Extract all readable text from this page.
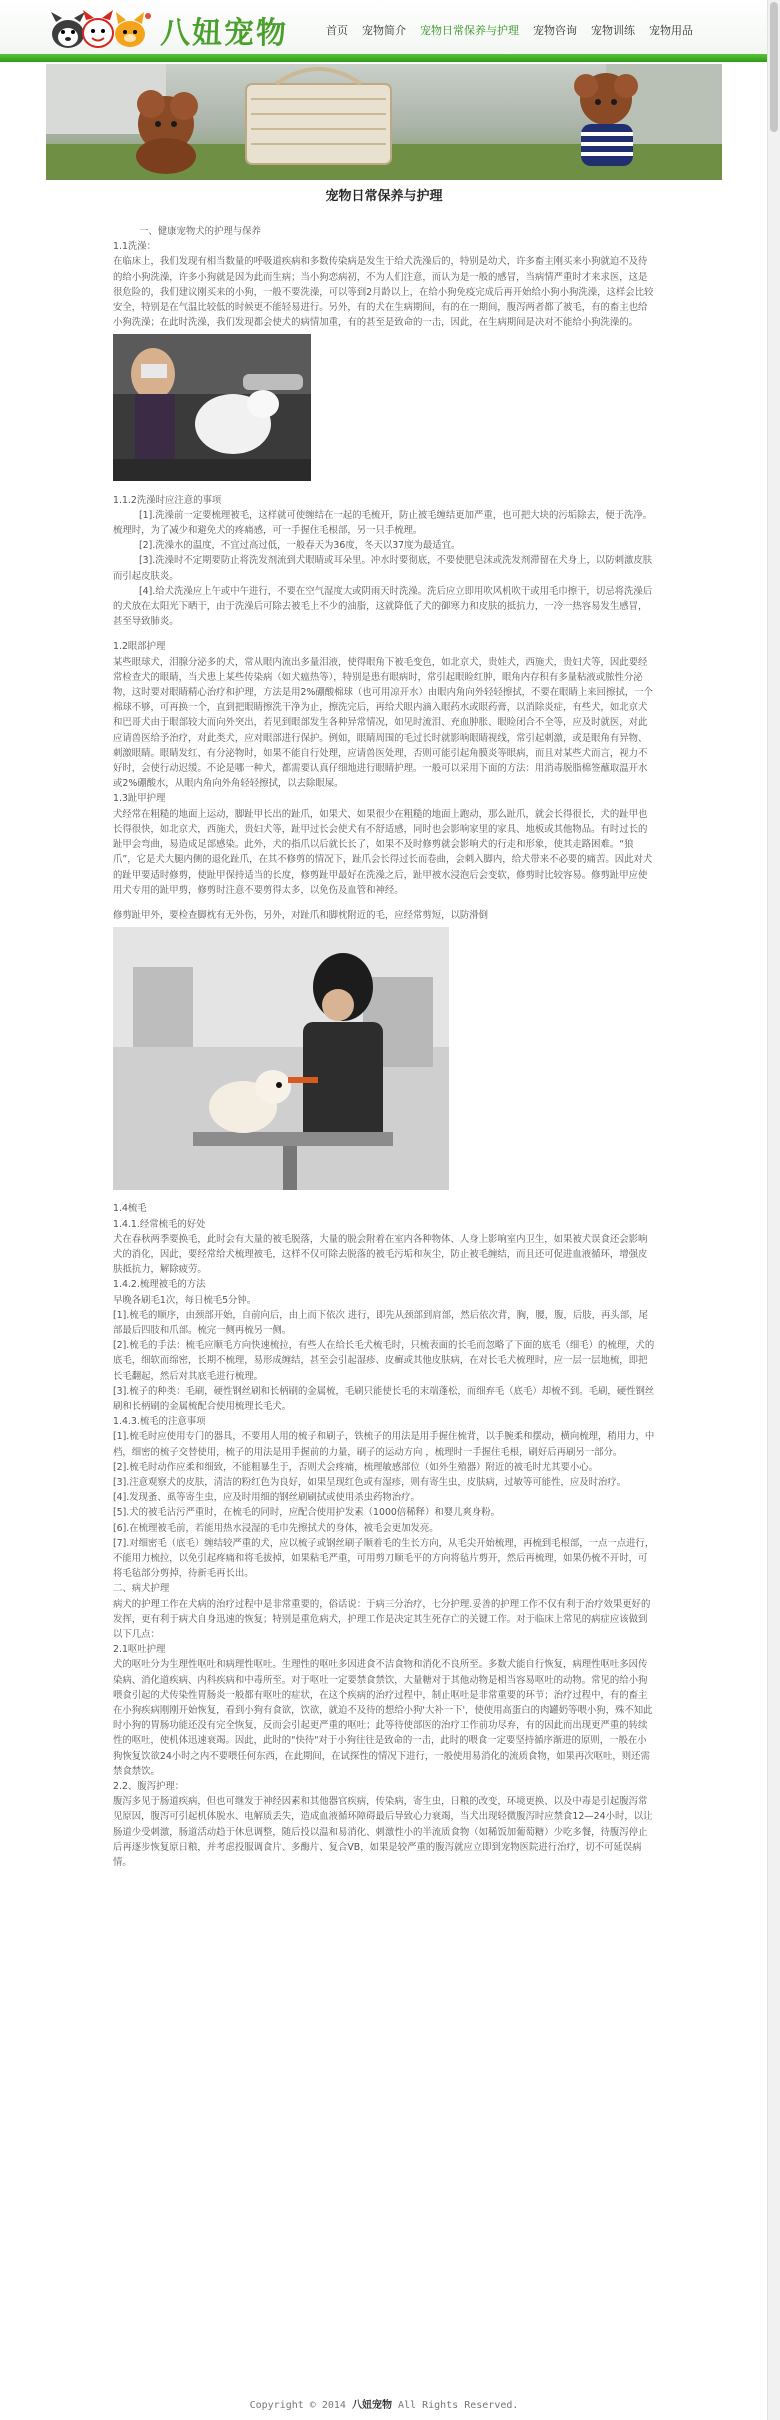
八妞宠物	首页 宠物简介 宠物日常保养与护理 宠物咨询 宠物训练 宠物用品
宠物日常保养与护理

一、健康宠物犬的护理与保养

1.1洗澡：

在临床上，我们发现有相当数量的呼吸道疾病和多数传染病是发生于给犬洗澡后的，特别是幼犬，许多畜主刚买来小狗就迫不及待的给小狗洗澡，许多小狗就是因为此而生病；当小狗恋病初，不为人们注意，而认为是一般的感冒，当病情严重时才来求医，这是很危险的，我们建议刚买来的小狗，一般不要洗澡，可以等到2月龄以上，在给小狗免疫完成后再开始给小狗小狗洗澡，这样会比较安全，特别是在气温比较低的时候更不能轻易进行。另外，有的犬在生病期间，有的在一期间，腹泻两者都了被毛，有的畜主也给小狗洗澡；在此时洗澡，我们发现都会使犬的病情加重，有的甚至是致命的一击，因此，在生病期间是决对不能给小狗洗澡的。

1.1.2洗澡时应注意的事项

[1].洗澡前一定要梳理被毛，这样就可使缠结在一起的毛梳开，防止被毛缠结更加严重，也可把大块的污垢除去，便于洗净。梳理时，为了减少和避免犬的疼痛感，可一手握住毛根部，另一只手梳理。

[2].洗澡水的温度，不宜过高过低，一般春天为36度，冬天以37度为最适宜。

[3].洗澡时不定期要防止将洗发剂流到犬眼睛或耳朵里。冲水时要彻底，不要使肥皂沫或洗发剂滞留在犬身上，以防刺激皮肤而引起皮肤炎。

[4].给犬洗澡应上午或中午进行，不要在空气湿度大或阴雨天时洗澡。洗后应立即用吹风机吹干或用毛巾擦干，切忌将洗澡后的犬放在太阳光下晒干，由于洗澡后可除去被毛上不少的油脂，这就降低了犬的御寒力和皮肤的抵抗力，一冷一热容易发生感冒，甚至导致肺炎。

1.2眼部护理

某些眼球犬，泪腺分泌多的犬，常从眼内流出多量泪液，使得眼角下被毛变色，如北京犬，贵娃犬，西施犬，贵妇犬等，因此要经常检查犬的眼睛，当犬患上某些传染病（如犬瘟热等），特别是患有眼病时，常引起眼睑红肿，眼角内存积有多量粘液或脓性分泌物，这时要对眼睛精心治疗和护理，方法是用2%硼酸棉球（也可用凉开水）由眼内角向外轻轻擦拭，不要在眼睛上来回擦拭，一个棉球不够，可再换一个，直到把眼睛擦洗干净为止，擦洗完后，再给犬眼内滴入眼药水或眼药膏，以消除炎症，有些犬，如北京犬和巴哥犬由于眼部较大而向外突出，若见到眼部发生各种异常情况，如见时流泪、充血肿胀、眼睑闭合不全等，应及时就医，对此应请兽医给予治疗，对此类犬，应对眼部进行保护。例如，眼睛周围的毛过长时就影响眼睛视线，常引起刺激，或是眼角有异物、刺激眼睛。眼睛发红、有分泌物时，如果不能自行处理，应请兽医处理，否则可能引起角膜炎等眼病，而且对某些犬而言，视力不好时，会使行动迟缓。不论是哪一种犬，都需要认真仔细地进行眼睛护理。一般可以采用下面的方法：用消毒脱脂棉签蘸取温开水或2%硼酸水，从眼内角向外角轻轻擦拭，以去除眼屎。

1.3趾甲护理

犬经常在粗糙的地面上运动，脚趾甲长出的趾爪，如果犬、如果很少在粗糙的地面上跑动，那么趾爪，就会长得很长，犬的趾甲也长得很快，如北京犬，西施犬，贵妇犬等，趾甲过长会使犬有不舒适感，同时也会影响家里的家具、地板或其他物品。有时过长的趾甲会弯曲，易造成足部感染。此外，犬的指爪以后就长长了，如果不及时修剪就会影响犬的行走和形象，使其走路困难。“狼爪”，它是犬大腿内侧的退化趾爪，在其不修剪的情况下，趾爪会长得过长而卷曲，会刺入脚内，给犬带来不必要的痛苦。因此对犬的趾甲要适时修剪，使趾甲保持适当的长度，修剪趾甲最好在洗澡之后，趾甲被水浸泡后会变软，修剪时比较容易。修剪趾甲应使用犬专用的趾甲剪，修剪时注意不要剪得太多，以免伤及血管和神经。

修剪趾甲外，要检查脚枕有无外伤，另外，对趾爪和脚枕附近的毛，应经常剪短，以防滑倒

1.4梳毛

1.4.1.经常梳毛的好处

犬在春秋两季要换毛，此时会有大量的被毛脱落，大量的脱会附着在室内各种物体、人身上影响室内卫生，如果被犬误食还会影响犬的消化，因此，要经常给犬梳理被毛，这样不仅可除去脱落的被毛污垢和灰尘，防止被毛缠结，而且还可促进血液循环，增强皮肤抵抗力，解除疲劳。

1.4.2.梳理被毛的方法

早晚各刷毛1次，每日梳毛5分钟。

[1].梳毛的顺序，由颈部开始，自前向后，由上而下依次 进行，即先从颈部到肩部，然后依次背，胸，腰，腹，后肢，再头部，尾部最后四肢和爪部。梳完一侧再梳另一侧。

[2].梳毛的手法：梳毛应顺毛方向快速梳拉，有些人在给长毛犬梳毛时，只梳表面的长毛而忽略了下面的底毛（细毛）的梳理，犬的底毛，细软而绵密，长期不梳理，易形成缠结，甚至会引起湿疹、皮癣或其他皮肤病，在对长毛犬梳理时，应一层一层地梳，即把长毛翻起，然后对其底毛进行梳理。

[3].梳子的种类：毛刷，硬性钢丝刷和长柄刷的金属梳，毛刷只能使长毛的末端蓬松，而细弃毛（底毛）却梳不到。毛刷，硬性钢丝刷和长柄刷的金属梳配合使用梳理长毛犬。

1.4.3.梳毛的注意事项

[1].梳毛时应使用专门的器具，不要用人用的梳子和刷子，铁梳子的用法是用手握住梳背，以手腕柔和摆动，横向梳理，稍用力，中档，细密的梳子交替使用，梳子的用法是用手握前的力量，刷子的运动方向 ，梳理时一手握住毛根，刷好后再刷另一部分。

[2].梳毛时动作应柔和细致，不能粗暴生于，否则犬会疼痛，梳理敏感部位（如外生殖器）附近的被毛时尤其要小心。

[3].注意观察犬的皮肤，清洁的粉红色为良好，如果呈现红色或有湿疹，则有寄生虫，皮肤病，过敏等可能性，应及时治疗。

[4].发现蚤、虱等寄生虫，应及时用细的钢丝刷刷拭或使用杀虫药物治疗。

[5].犬的被毛沾污严重时，在梳毛的同时，应配合使用护发素（1000倍稀释）和婴儿爽身粉。

[6].在梳理被毛前，若能用热水浸湿的毛巾先擦拭犬的身体，被毛会更加发亮。

[7].对细密毛（底毛）缠结较严重的犬，应以梳子或钢丝刷子顺着毛的生长方向，从毛尖开始梳理，再梳到毛根部，一点一点进行，不能用力梳拉，以免引起疼痛和将毛拔掉，如果粘毛严重，可用剪刀顺毛平的方向将毡片剪开，然后再梳理，如果仍梳不开时，可将毛毡部分剪掉，待新毛再长出。

二、病犬护理

病犬的护理工作在犬病的治疗过程中是非常重要的，俗话说：于病三分治疗，七分护理.妥善的护理工作不仅有利于治疗效果更好的发挥，更有利于病犬自身迅速的恢复；特别是重危病犬，护理工作是决定其生死存亡的关键工作。对于临床上常见的病症应该做到以下几点：

2.1呕吐护理

犬的呕吐分为生理性呕吐和病理性呕吐。生理性的呕吐多因进食不洁食物和消化不良所至。多数犬能自行恢复，病理性呕吐多因传染病、消化道疾病、内科疾病和中毒所至。对于呕吐一定要禁食禁饮，大量糖对于其他动物是相当容易呕吐的动物。常见的给小狗喂食引起的犬传染性胃肠炎一般都有呕吐的症状，在这个疾病的治疗过程中，制止呕吐是非常重要的环节；治疗过程中，有的畜主在小狗疾病刚刚开始恢复，看到小狗有食欲，饮欲，就迫不及待的想给小狗'大补一下'，使使用高蛋白的肉罐奶等喂小狗，殊不知此时小狗的胃肠功能还没有完全恢复，反而会引起更严重的呕吐；此等待使部医的治疗工作前功尽弃，有的因此而出现更严重的转续性的呕吐，使机体迅速衰竭。因此，此时的"快待"对于小狗往往是致命的一击，此时的喂食一定要坚持循序渐进的原则，一般在小狗恢复饮欲24小时之内不要喂任何东西，在此期间，在试探性的情况下进行，一般使用易消化的流质食物，如果再次呕吐，则还需禁食禁饮。

2.2、腹泻护理：

腹泻多见于肠道疾病，但也可继发于神经因素和其他器官疾病，传染病，寄生虫，日粮的改变，环境更换、以及中毒是引起腹泻常见原因，腹泻可引起机体脱水、电解质丢失，造成血液循环障碍最后导致心力衰竭，当犬出现轻微腹泻时应禁食12—24小时，以让肠道少受刺激，肠道活动趋于休息调整，随后投以温和易消化、刺激性小的半流质食物（如稀饭加葡萄糖）少吃多餐，待腹泻停止后再逐步恢复原日粮，并考虑投服调食片、多酶片、复合VB，如果是较严重的腹泻就应立即到宠物医院进行治疗，切不可延误病情。

Copyright © 2014 八妞宠物 All Rights Reserved.
